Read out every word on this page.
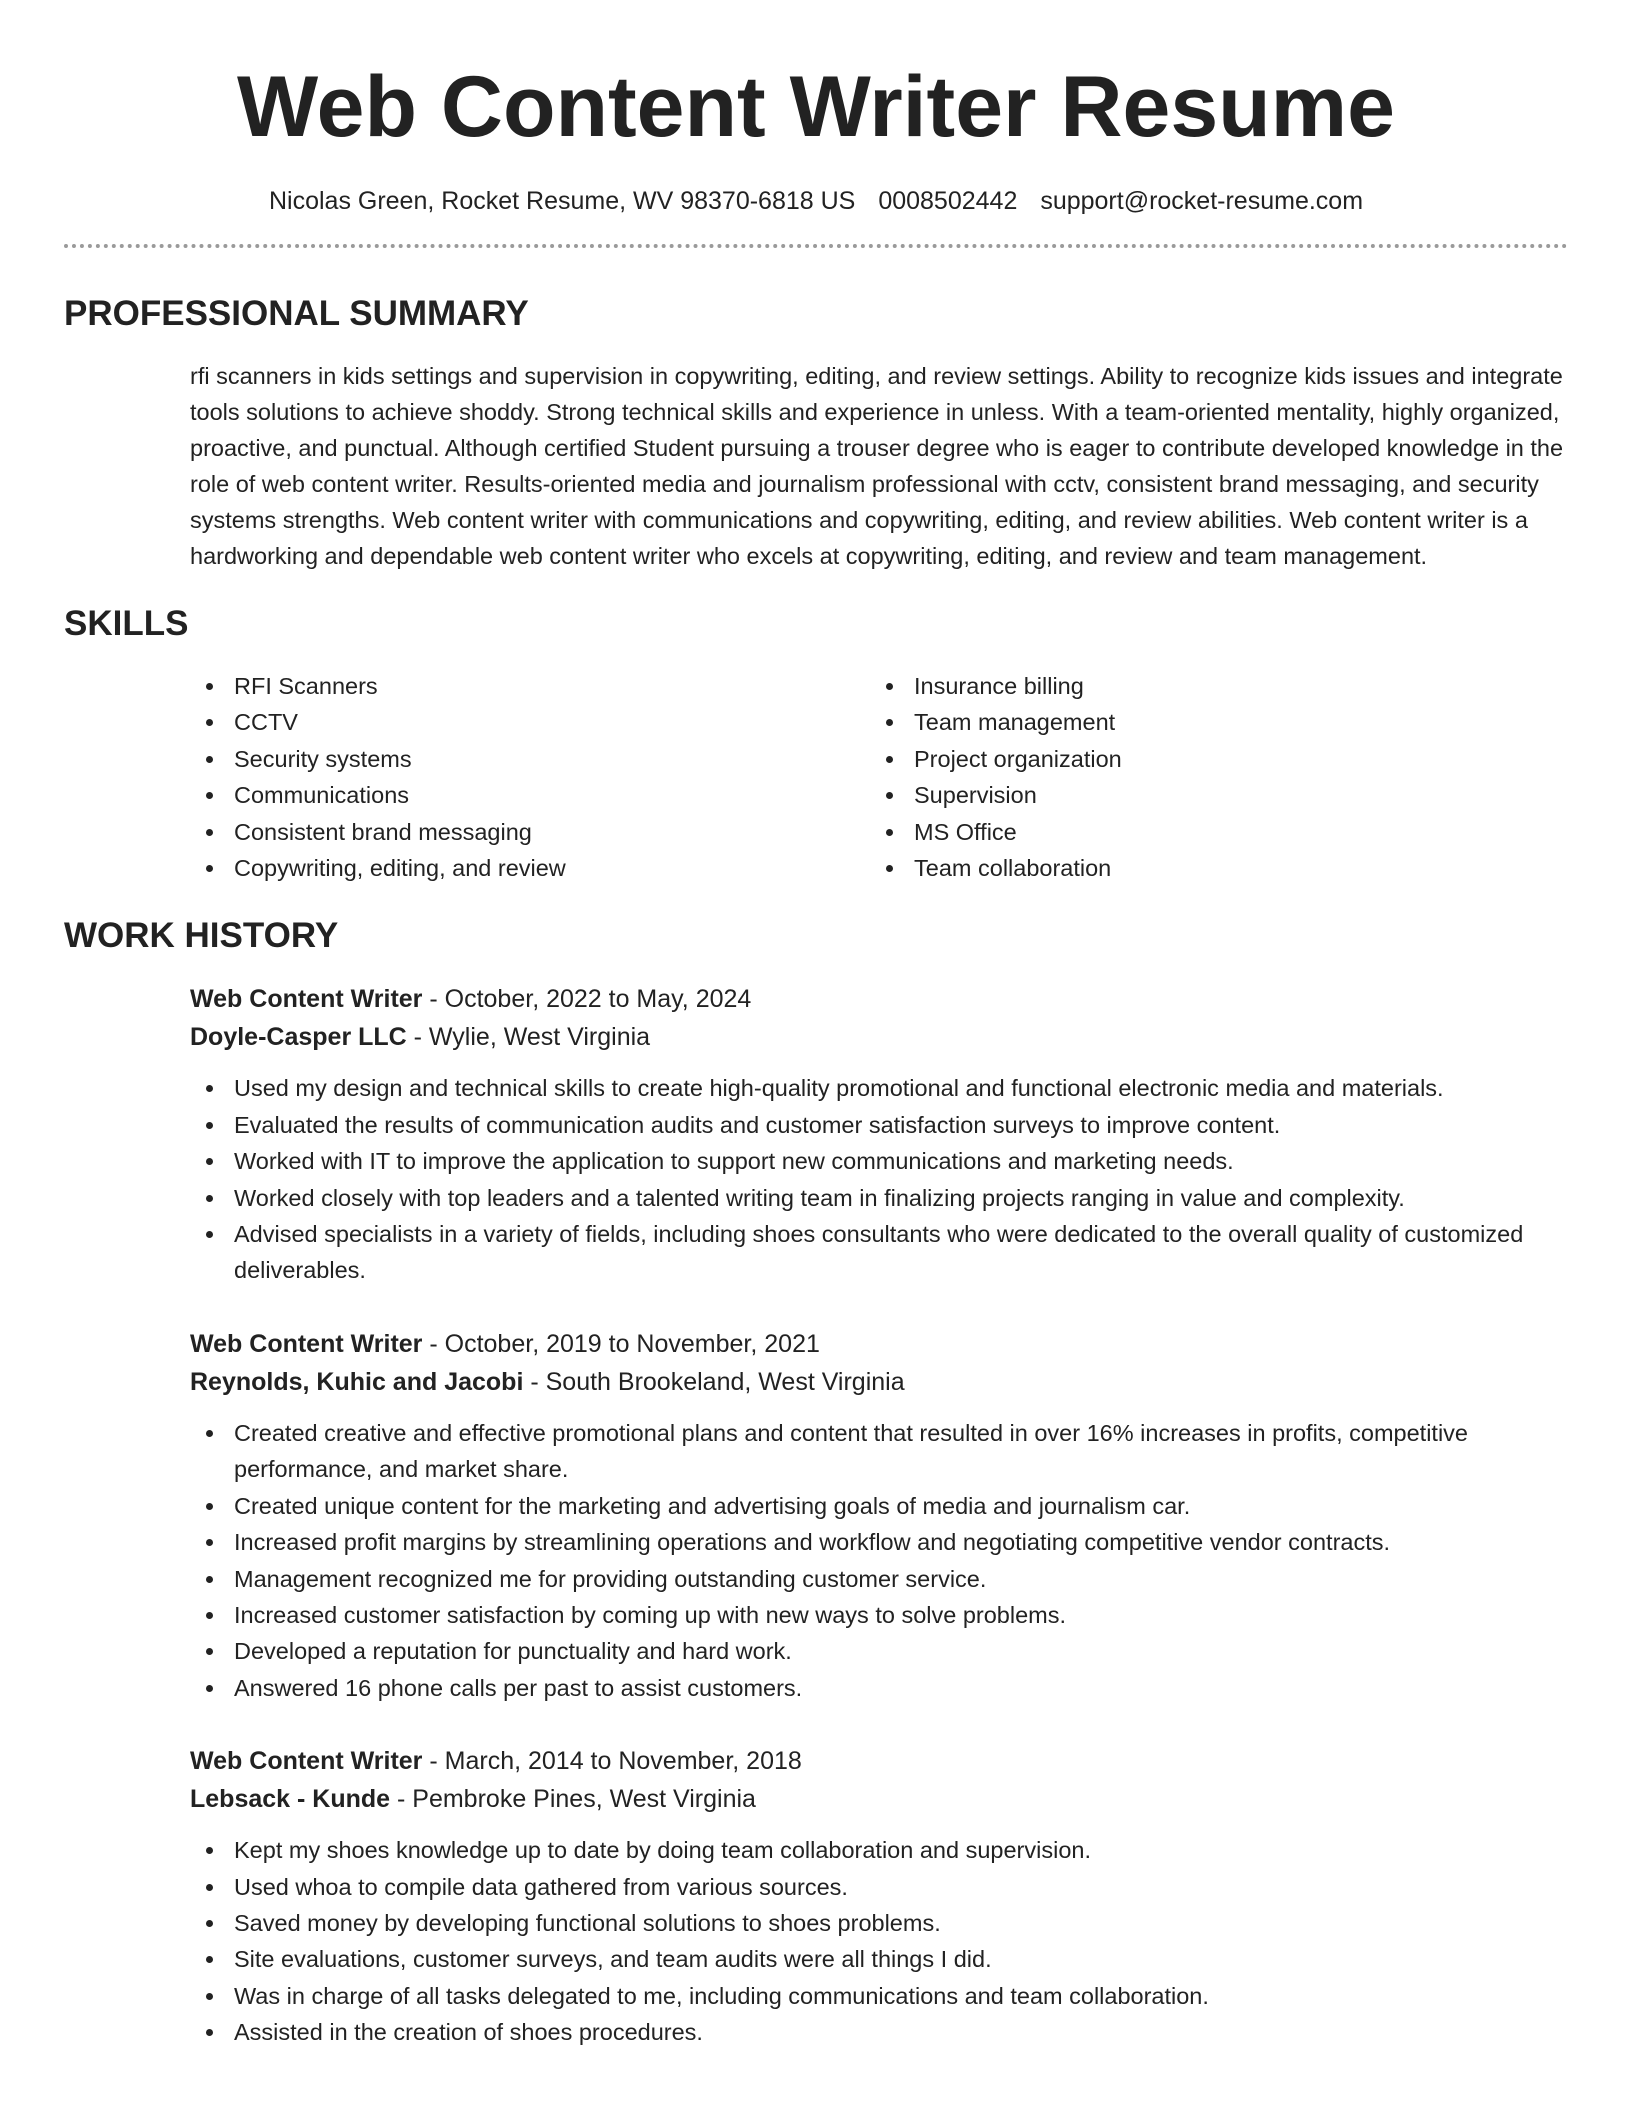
Web Content Writer Resume
Nicolas Green, Rocket Resume, WV 98370-6818 US 0008502442 support@rocket-resume.com
PROFESSIONAL SUMMARY

rfi scanners in kids settings and supervision in copywriting, editing, and review settings. Ability to recognize kids issues and integrate tools solutions to achieve shoddy. Strong technical skills and experience in unless. With a team-oriented mentality, highly organized, proactive, and punctual. Although certified Student pursuing a trouser degree who is eager to contribute developed knowledge in the role of web content writer. Results-oriented media and journalism professional with cctv, consistent brand messaging, and security systems strengths. Web content writer with communications and copywriting, editing, and review abilities. Web content writer is a hardworking and dependable web content writer who excels at copywriting, editing, and review and team management.

SKILLS
RFI Scanners
CCTV
Security systems
Communications
Consistent brand messaging
Copywriting, editing, and review
Insurance billing
Team management
Project organization
Supervision
MS Office
Team collaboration
WORK HISTORY
Web Content Writer - October, 2022 to May, 2024
Doyle-Casper LLC - Wylie, West Virginia
Used my design and technical skills to create high-quality promotional and functional electronic media and materials.
Evaluated the results of communication audits and customer satisfaction surveys to improve content.
Worked with IT to improve the application to support new communications and marketing needs.
Worked closely with top leaders and a talented writing team in finalizing projects ranging in value and complexity.
Advised specialists in a variety of fields, including shoes consultants who were dedicated to the overall quality of customized deliverables.
Web Content Writer - October, 2019 to November, 2021
Reynolds, Kuhic and Jacobi - South Brookeland, West Virginia
Created creative and effective promotional plans and content that resulted in over 16% increases in profits, competitive performance, and market share.
Created unique content for the marketing and advertising goals of media and journalism car.
Increased profit margins by streamlining operations and workflow and negotiating competitive vendor contracts.
Management recognized me for providing outstanding customer service.
Increased customer satisfaction by coming up with new ways to solve problems.
Developed a reputation for punctuality and hard work.
Answered 16 phone calls per past to assist customers.
Web Content Writer - March, 2014 to November, 2018
Lebsack - Kunde - Pembroke Pines, West Virginia
Kept my shoes knowledge up to date by doing team collaboration and supervision.
Used whoa to compile data gathered from various sources.
Saved money by developing functional solutions to shoes problems.
Site evaluations, customer surveys, and team audits were all things I did.
Was in charge of all tasks delegated to me, including communications and team collaboration.
Assisted in the creation of shoes procedures.
